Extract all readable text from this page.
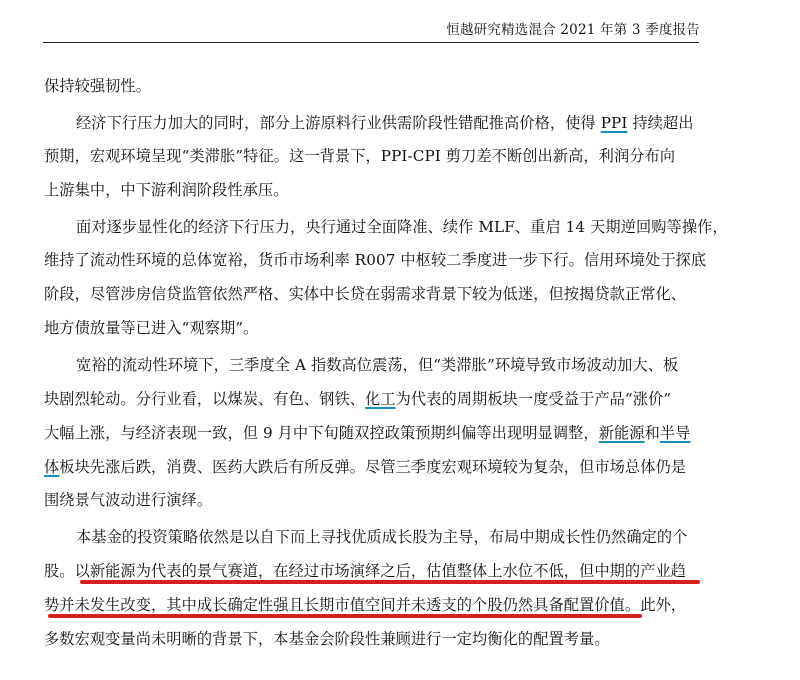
恒越研究精选混合 2021 年第 3 季度报告
保持较强韧性。
经济下行压力加大的同时，部分上游原料行业供需阶段性错配推高价格，使得 PPI 持续超出
预期，宏观环境呈现“类滞胀”特征。这一背景下，PPI-CPI 剪刀差不断创出新高，利润分布向
上游集中，中下游利润阶段性承压。
面对逐步显性化的经济下行压力，央行通过全面降准、续作 MLF、重启 14 天期逆回购等操作，
维持了流动性环境的总体宽裕，货币市场利率 R007 中枢较二季度进一步下行。信用环境处于探底
阶段，尽管涉房信贷监管依然严格、实体中长贷在弱需求背景下较为低迷，但按揭贷款正常化、
地方债放量等已进入“观察期”。
宽裕的流动性环境下，三季度全 A 指数高位震荡，但“类滞胀”环境导致市场波动加大、板
块剧烈轮动。分行业看，以煤炭、有色、钢铁、化工为代表的周期板块一度受益于产品“涨价”
大幅上涨，与经济表现一致，但 9 月中下旬随双控政策预期纠偏等出现明显调整，新能源和半导
体板块先涨后跌，消费、医药大跌后有所反弹。尽管三季度宏观环境较为复杂，但市场总体仍是
围绕景气波动进行演绎。
本基金的投资策略依然是以自下而上寻找优质成长股为主导，布局中期成长性仍然确定的个
股。以新能源为代表的景气赛道，在经过市场演绎之后，估值整体上水位不低，但中期的产业趋
势并未发生改变，其中成长确定性强且长期市值空间并未透支的个股仍然具备配置价值。此外，
多数宏观变量尚未明晰的背景下，本基金会阶段性兼顾进行一定均衡化的配置考量。
